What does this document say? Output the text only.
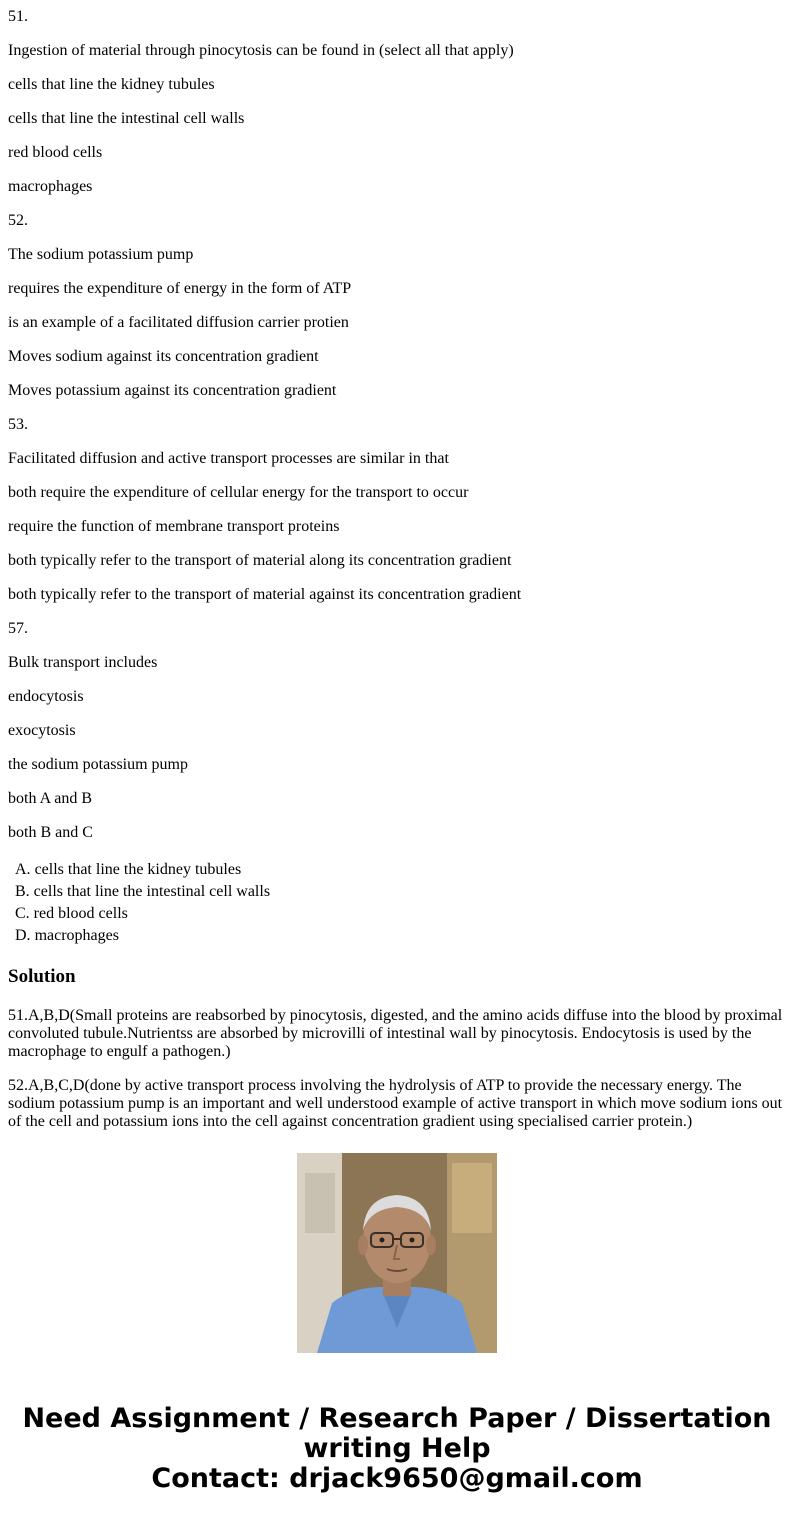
51.

Ingestion of material through pinocytosis can be found in (select all that apply)

cells that line the kidney tubules

cells that line the intestinal cell walls

red blood cells

macrophages

52.

The sodium potassium pump

requires the expenditure of energy in the form of ATP

is an example of a facilitated diffusion carrier protien

Moves sodium against its concentration gradient

Moves potassium against its concentration gradient

53.

Facilitated diffusion and active transport processes are similar in that

both require the expenditure of cellular energy for the transport to occur

require the function of membrane transport proteins

both typically refer to the transport of material along its concentration gradient

both typically refer to the transport of material against its concentration gradient

57.

Bulk transport includes

endocytosis

exocytosis

the sodium potassium pump

both A and B

both B and C

A. cells that line the kidney tubules
B. cells that line the intestinal cell walls
C. red blood cells
D. macrophages
Solution

51.A,B,D(Small proteins are reabsorbed by pinocytosis, digested, and the amino acids diffuse into the blood by proximal convoluted tubule.Nutrientss are absorbed by microvilli of intestinal wall by pinocytosis. Endocytosis is used by the macrophage to engulf a pathogen.)

52.A,B,C,D(done by active transport process involving the hydrolysis of ATP to provide the necessary energy. The sodium potassium pump is an important and well understood example of active transport in which move sodium ions out of the cell and potassium ions into the cell against concentration gradient using specialised carrier protein.)

Need Assignment / Research Paper / Dissertation
writing Help
Contact: drjack9650@gmail.com
